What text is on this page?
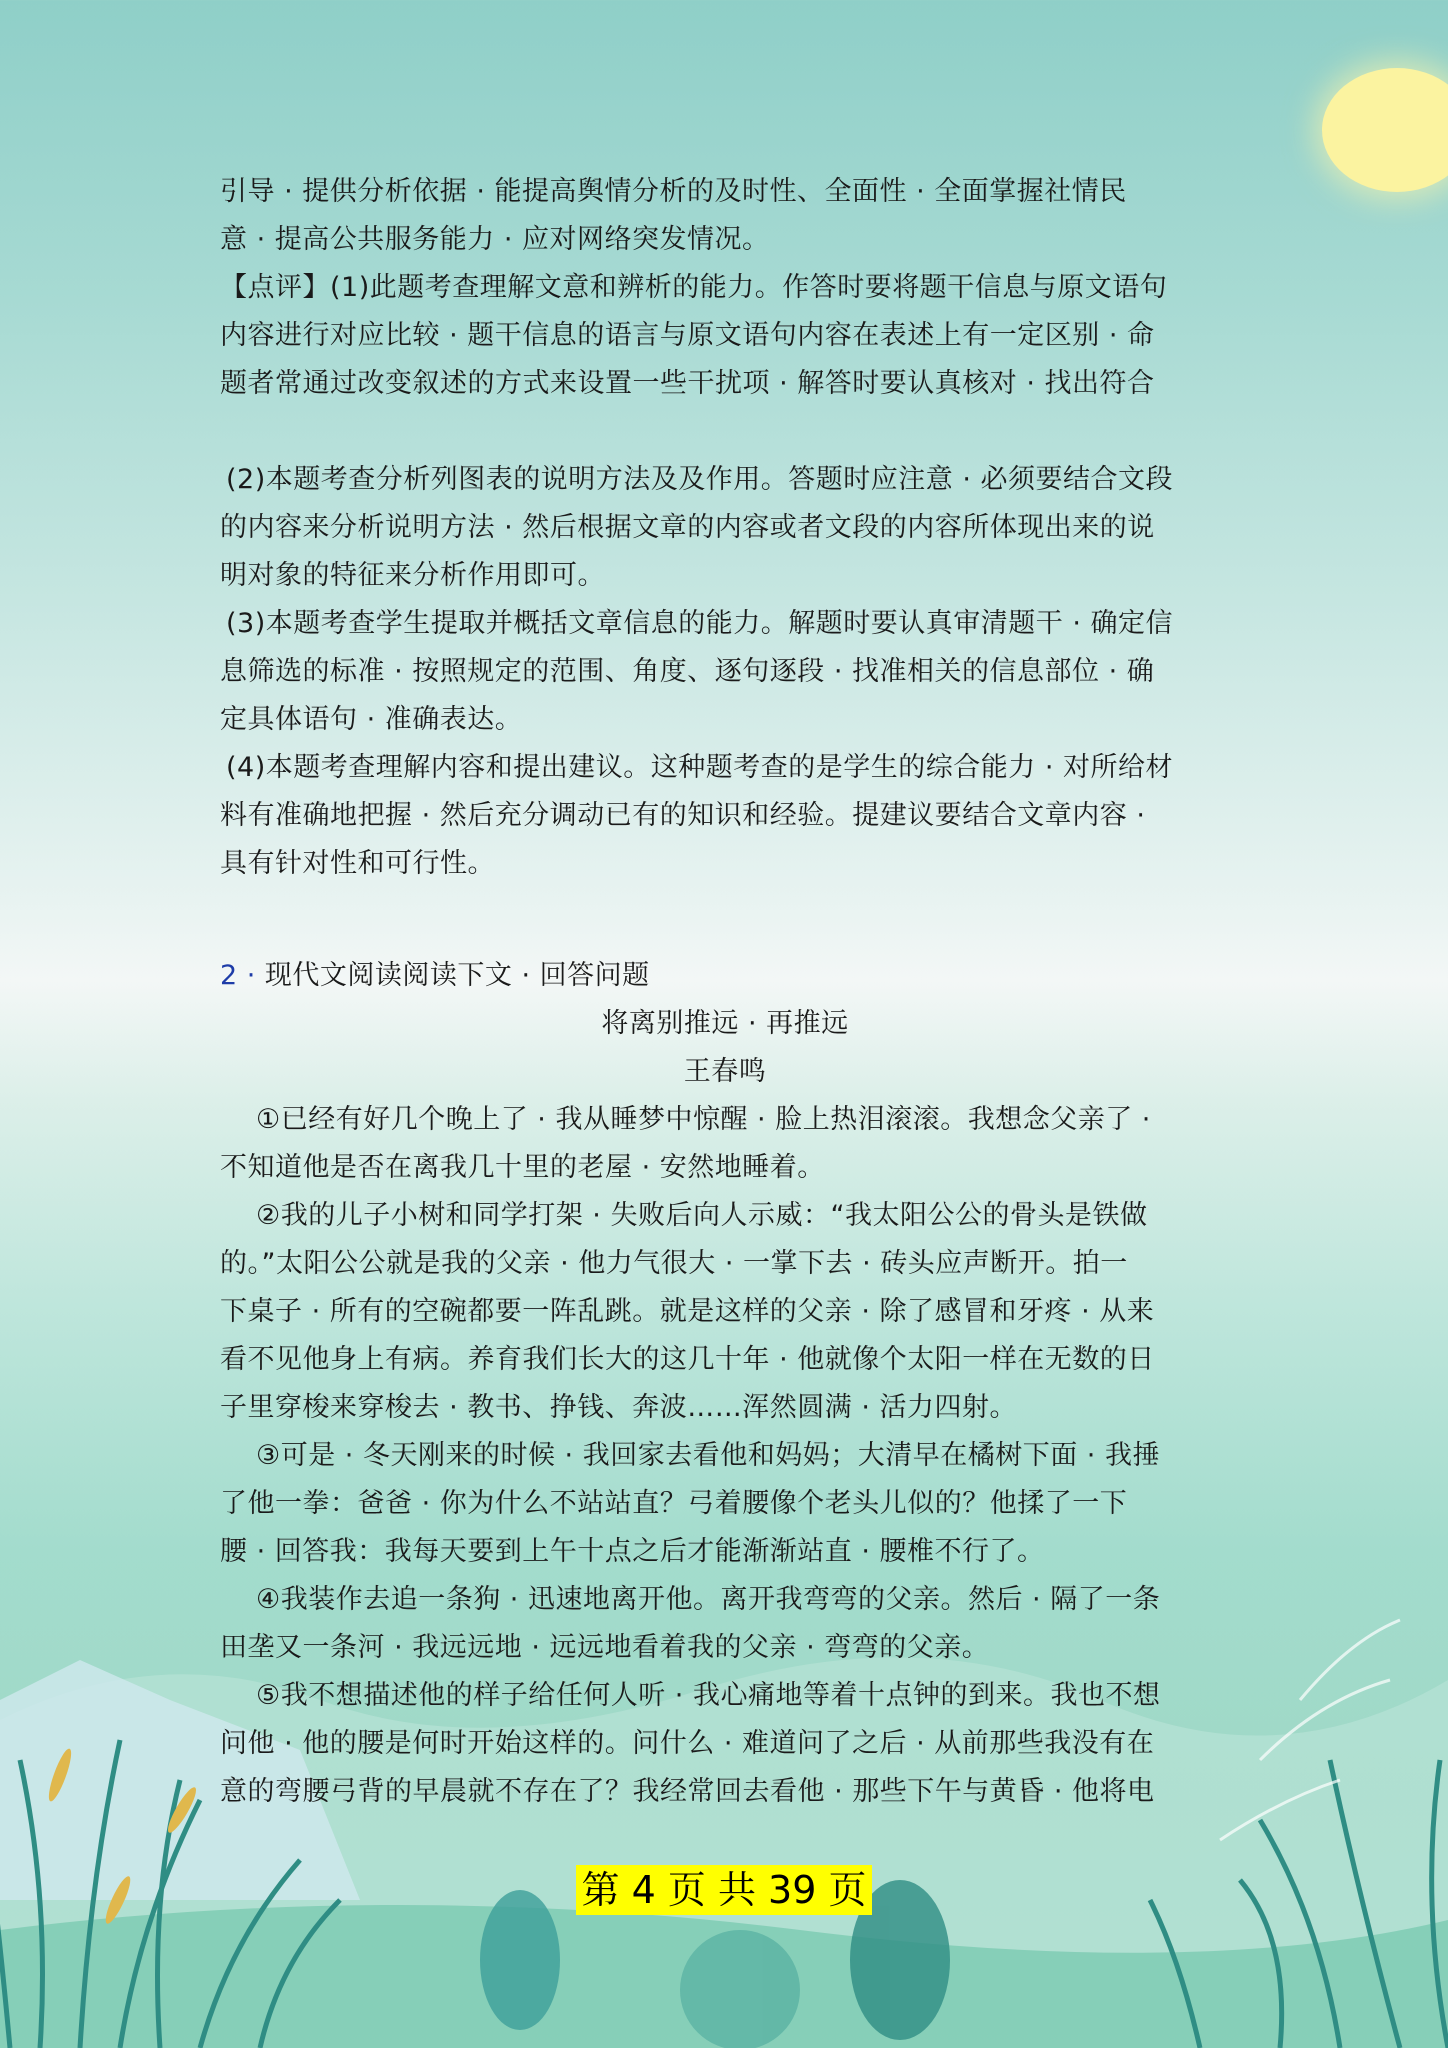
引导 · 提供分析依据 · 能提高舆情分析的及时性、全面性 · 全面掌握社情民

意 · 提高公共服务能力 · 应对网络突发情况。

【点评】(1)此题考查理解文意和辨析的能力。作答时要将题干信息与原文语句

内容进行对应比较 · 题干信息的语言与原文语句内容在表述上有一定区别 · 命

题者常通过改变叙述的方式来设置一些干扰项 · 解答时要认真核对 · 找出符合

(2)本题考查分析列图表的说明方法及及作用。答题时应注意 · 必须要结合文段

的内容来分析说明方法 · 然后根据文章的内容或者文段的内容所体现出来的说

明对象的特征来分析作用即可。

(3)本题考查学生提取并概括文章信息的能力。解题时要认真审清题干 · 确定信

息筛选的标准 · 按照规定的范围、角度、逐句逐段 · 找准相关的信息部位 · 确

定具体语句 · 准确表达。

(4)本题考查理解内容和提出建议。这种题考查的是学生的综合能力 · 对所给材

料有准确地把握 · 然后充分调动已有的知识和经验。提建议要结合文章内容 ·

具有针对性和可行性。

2 · 现代文阅读阅读下文 · 回答问题

将离别推远 · 再推远

王春鸣

①已经有好几个晚上了 · 我从睡梦中惊醒 · 脸上热泪滚滚。我想念父亲了 ·

不知道他是否在离我几十里的老屋 · 安然地睡着。

②我的儿子小树和同学打架 · 失败后向人示威：“我太阳公公的骨头是铁做

的。”太阳公公就是我的父亲 · 他力气很大 · 一掌下去 · 砖头应声断开。拍一

下桌子 · 所有的空碗都要一阵乱跳。就是这样的父亲 · 除了感冒和牙疼 · 从来

看不见他身上有病。养育我们长大的这几十年 · 他就像个太阳一样在无数的日

子里穿梭来穿梭去 · 教书、挣钱、奔波……浑然圆满 · 活力四射。

③可是 · 冬天刚来的时候 · 我回家去看他和妈妈；大清早在橘树下面 · 我捶

了他一拳：爸爸 · 你为什么不站站直？弓着腰像个老头儿似的？他揉了一下

腰 · 回答我：我每天要到上午十点之后才能渐渐站直 · 腰椎不行了。

④我装作去追一条狗 · 迅速地离开他。离开我弯弯的父亲。然后 · 隔了一条

田垄又一条河 · 我远远地 · 远远地看着我的父亲 · 弯弯的父亲。

⑤我不想描述他的样子给任何人听 · 我心痛地等着十点钟的到来。我也不想

问他 · 他的腰是何时开始这样的。问什么 · 难道问了之后 · 从前那些我没有在

意的弯腰弓背的早晨就不存在了？我经常回去看他 · 那些下午与黄昏 · 他将电

第 4 页 共 39 页
